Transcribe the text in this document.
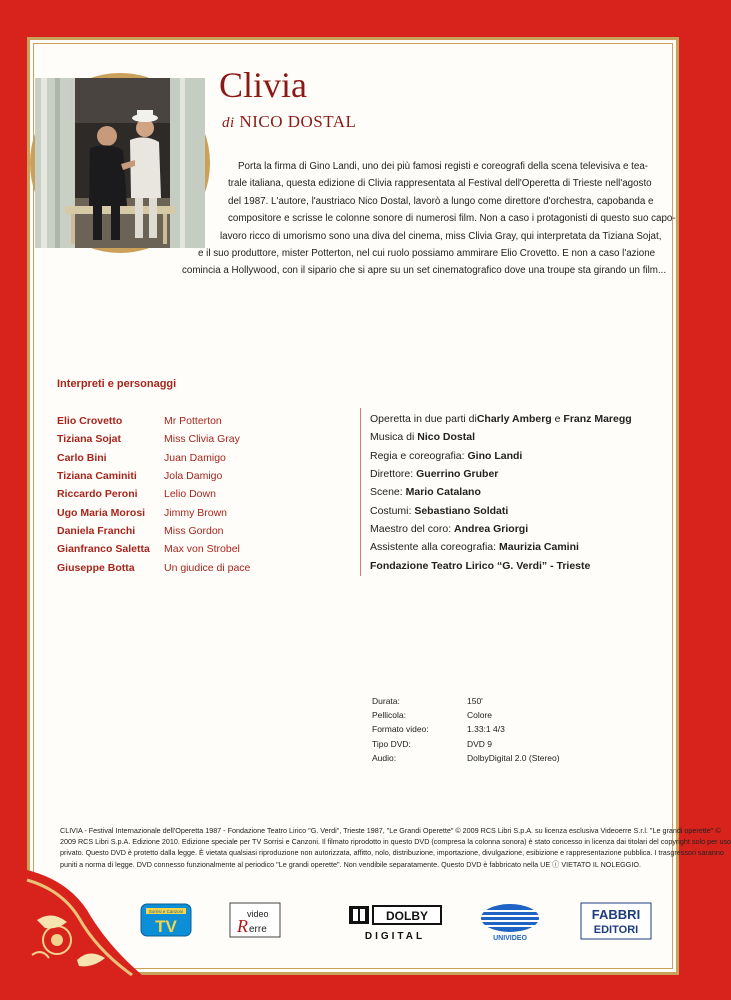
Clivia
di NICO DOSTAL
Porta la firma di Gino Landi, uno dei più famosi registi e coreografi della scena televisiva e tea-
trale italiana, questa edizione di Clivia rappresentata al Festival dell'Operetta di Trieste nell'agosto
del 1987. L'autore, l'austriaco Nico Dostal, lavorò a lungo come direttore d'orchestra, capobanda e
compositore e scrisse le colonne sonore di numerosi film. Non a caso i protagonisti di questo suo capo-
lavoro ricco di umorismo sono una diva del cinema, miss Clivia Gray, qui interpretata da Tiziana Sojat,
e il suo produttore, mister Potterton, nel cui ruolo possiamo ammirare Elio Crovetto. E non a caso l'azione
comincia a Hollywood, con il sipario che si apre su un set cinematografico dove una troupe sta girando un film...
Interpreti e personaggi
Elio Crovetto	Mr Potterton
Tiziana Sojat	Miss Clivia Gray
Carlo Bini	Juan Damigo
Tiziana Caminiti	Jola Damigo
Riccardo Peroni	Lelio Down
Ugo Maria Morosi	Jimmy Brown
Daniela Franchi	Miss Gordon
Gianfranco Saletta	Max von Strobel
Giuseppe Botta	Un giudice di pace
Operetta in due parti di Charly Amberg e Franz Maregg
Musica di Nico Dostal
Regia e coreografia: Gino Landi
Direttore: Guerrino Gruber
Scene: Mario Catalano
Costumi: Sebastiano Soldati
Maestro del coro: Andrea Griorgi
Assistente alla coreografia: Maurizia Camini
Fondazione Teatro Lirico “G. Verdi” - Trieste
Durata:	150'
Pellicola:	Colore
Formato video:	1.33:1 4/3
Tipo DVD:	DVD 9
Audio:	DolbyDigital 2.0 (Stereo)
CLIVIA - Festival Internazionale dell'Operetta 1987 - Fondazione Teatro Lirico "G. Verdi", Trieste 1987, "Le Grandi Operette" © 2009 RCS Libri S.p.A. su licenza esclusiva Videoerre S.r.l. "Le grandi operette" ©
2009 RCS Libri S.p.A. Edizione 2010. Edizione speciale per TV Sorrisi e Canzoni. Il filmato riprodotto in questo DVD (compresa la colonna sonora) è stato concesso in licenza dai titolari del copyright solo per uso
privato. Questo DVD è protetto dalla legge. È vietata qualsiasi riproduzione non autorizzata, affitto, nolo, distribuzione, importazione, divulgazione, esibizione e rappresentazione pubblica. I trasgressori saranno
puniti a norma di legge. DVD connesso funzionalmente al periodico "Le grandi operette". Non vendibile separatamente. Questo DVD è fabbricato nella UE ⓘ VIETATO IL NOLEGGIO.
Sorrisi e Canzoni
TV
video
R erre
DOLBY
DIGITAL	UNIVIDEO
FABBRI
EDITORI
